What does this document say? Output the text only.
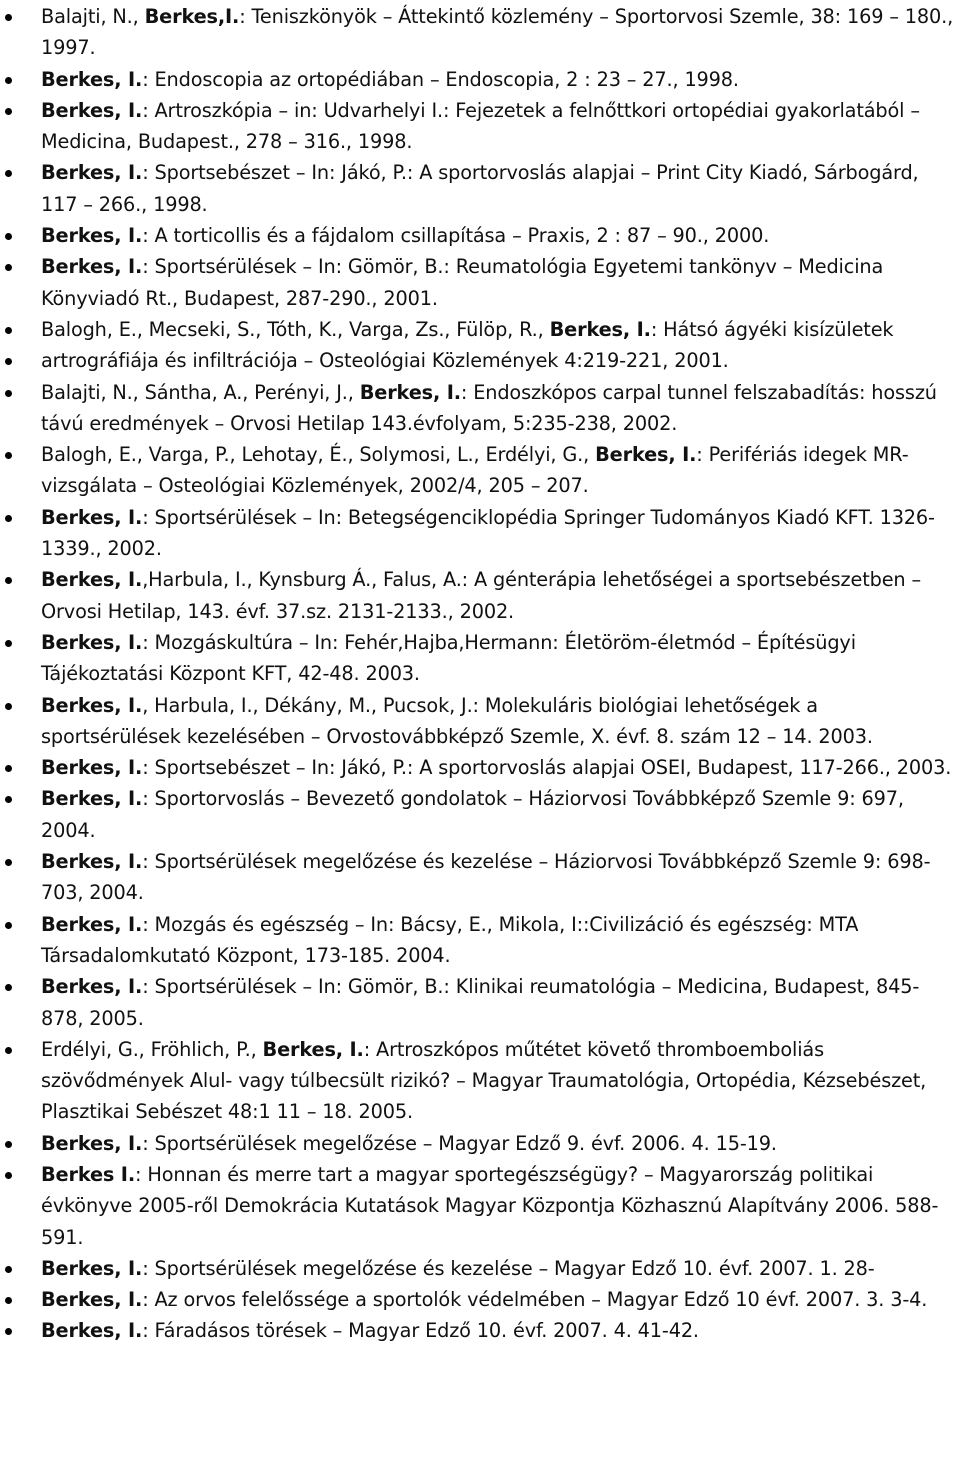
Balajti, N., Berkes,I.: Teniszkönyök – Áttekintő közlemény – Sportorvosi Szemle, 38: 169 – 180., 1997.
Berkes, I.: Endoscopia az ortopédiában – Endoscopia, 2 : 23 – 27., 1998.
Berkes, I.: Artroszkópia – in: Udvarhelyi I.: Fejezetek a felnőttkori ortopédiai gyakorlatából – Medicina, Budapest., 278 – 316., 1998.
Berkes, I.: Sportsebészet – In: Jákó, P.: A sportorvoslás alapjai – Print City Kiadó, Sárbogárd, 117 – 266., 1998.
Berkes, I.: A torticollis és a fájdalom csillapítása – Praxis, 2 : 87 – 90., 2000.
Berkes, I.: Sportsérülések – In: Gömör, B.: Reumatológia Egyetemi tankönyv – Medicina Könyviadó Rt., Budapest, 287-290., 2001.
Balogh, E., Mecseki, S., Tóth, K., Varga, Zs., Fülöp, R., Berkes, I.: Hátsó ágyéki kisízületek artrográfiája és infiltrációja – Osteológiai Közlemények 4:219-221, 2001.
Balajti, N., Sántha, A., Perényi, J., Berkes, I.: Endoszkópos carpal tunnel felszabadítás: hosszú távú eredmények – Orvosi Hetilap 143.évfolyam, 5:235-238, 2002.
Balogh, E., Varga, P., Lehotay, É., Solymosi, L., Erdélyi, G., Berkes, I.: Perifériás idegek MR-vizsgálata – Osteológiai Közlemények, 2002/4, 205 – 207.
Berkes, I.: Sportsérülések – In: Betegségenciklopédia Springer Tudományos Kiadó KFT. 1326-1339., 2002.
Berkes, I.,Harbula, I., Kynsburg Á., Falus, A.: A génterápia lehetőségei a sportsebészetben – Orvosi Hetilap, 143. évf. 37.sz. 2131-2133., 2002.
Berkes, I.: Mozgáskultúra – In: Fehér,Hajba,Hermann: Életöröm-életmód – Építésügyi Tájékoztatási Központ KFT, 42-48. 2003.
Berkes, I., Harbula, I., Dékány, M., Pucsok, J.: Molekuláris biológiai lehetőségek a sportsérülések kezelésében – Orvostovábbképző Szemle, X. évf. 8. szám 12 – 14. 2003.
Berkes, I.: Sportsebészet – In: Jákó, P.: A sportorvoslás alapjai OSEI, Budapest, 117-266., 2003.
Berkes, I.: Sportorvoslás – Bevezető gondolatok – Háziorvosi Továbbképző Szemle 9: 697, 2004.
Berkes, I.: Sportsérülések megelőzése és kezelése – Háziorvosi Továbbképző Szemle 9: 698-703, 2004.
Berkes, I.: Mozgás és egészség – In: Bácsy, E., Mikola, I::Civilizáció és egészség: MTA Társadalomkutató Központ, 173-185. 2004.
Berkes, I.: Sportsérülések – In: Gömör, B.: Klinikai reumatológia – Medicina, Budapest, 845-878, 2005.
Erdélyi, G., Fröhlich, P., Berkes, I.: Artroszkópos műtétet követő thromboemboliás szövődmények Alul- vagy túlbecsült rizikó? – Magyar Traumatológia, Ortopédia, Kézsebészet, Plasztikai Sebészet 48:1 11 – 18. 2005.
Berkes, I.: Sportsérülések megelőzése – Magyar Edző 9. évf. 2006. 4. 15-19.
Berkes I.: Honnan és merre tart a magyar sportegészségügy? – Magyarország politikai évkönyve 2005-ről Demokrácia Kutatások Magyar Központja Közhasznú Alapítvány 2006. 588-591.
Berkes, I.: Sportsérülések megelőzése és kezelése – Magyar Edző 10. évf. 2007. 1. 28-
Berkes, I.: Az orvos felelőssége a sportolók védelmében – Magyar Edző 10 évf. 2007. 3. 3-4.
Berkes, I.: Fáradásos törések – Magyar Edző 10. évf. 2007. 4. 41-42.
